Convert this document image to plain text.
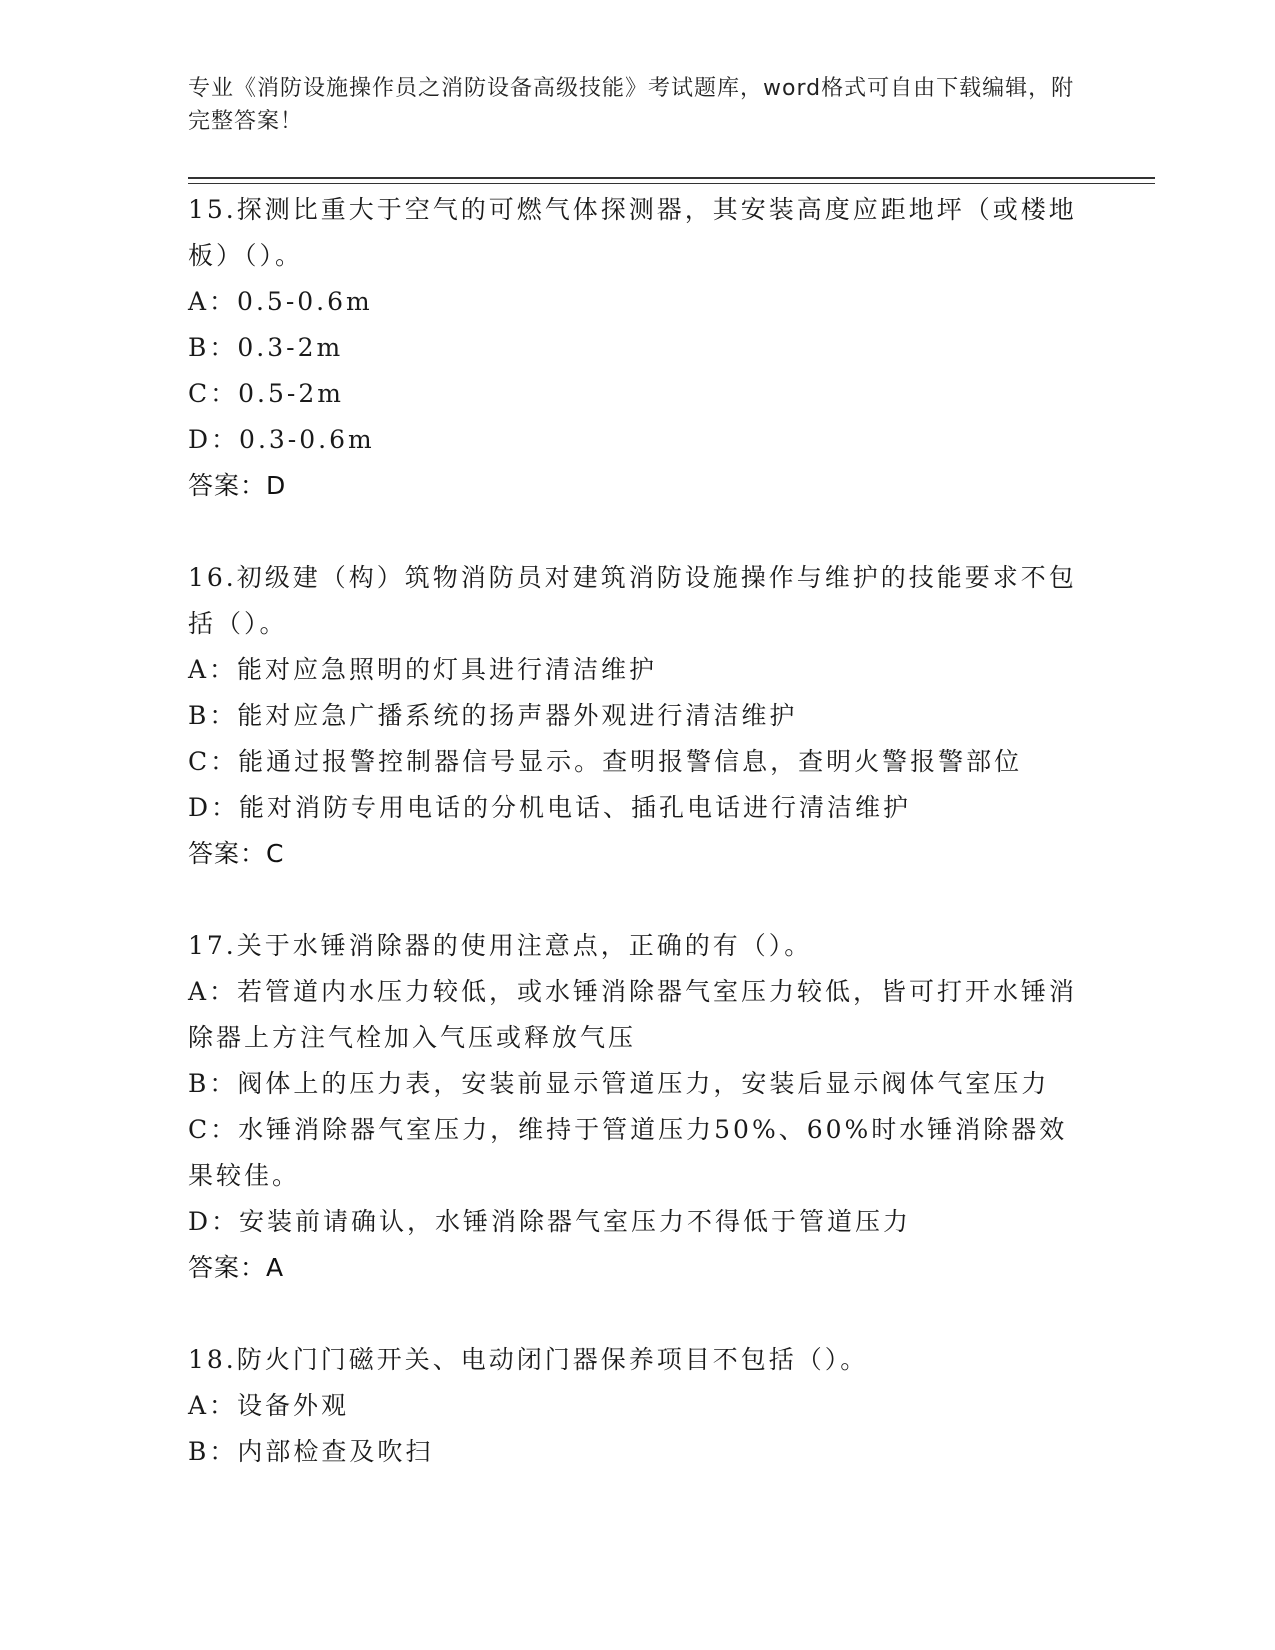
专业《消防设施操作员之消防设备高级技能》考试题库，word格式可自由下载编辑，附完整答案！
15.探测比重大于空气的可燃气体探测器，其安装高度应距地坪（或楼地板）（）。
A：0.5-0.6m
B：0.3-2m
C：0.5-2m
D：0.3-0.6m
答案：D
16.初级建（构）筑物消防员对建筑消防设施操作与维护的技能要求不包括（）。
A：能对应急照明的灯具进行清洁维护
B：能对应急广播系统的扬声器外观进行清洁维护
C：能通过报警控制器信号显示。查明报警信息，查明火警报警部位
D：能对消防专用电话的分机电话、插孔电话进行清洁维护
答案：C
17.关于水锤消除器的使用注意点，正确的有（）。
A：若管道内水压力较低，或水锤消除器气室压力较低，皆可打开水锤消除器上方注气栓加入气压或释放气压
B：阀体上的压力表，安装前显示管道压力，安装后显示阀体气室压力
C：水锤消除器气室压力，维持于管道压力50%、60%时水锤消除器效果较佳。
D：安装前请确认，水锤消除器气室压力不得低于管道压力
答案：A
18.防火门门磁开关、电动闭门器保养项目不包括（）。
A：设备外观
B：内部检查及吹扫
